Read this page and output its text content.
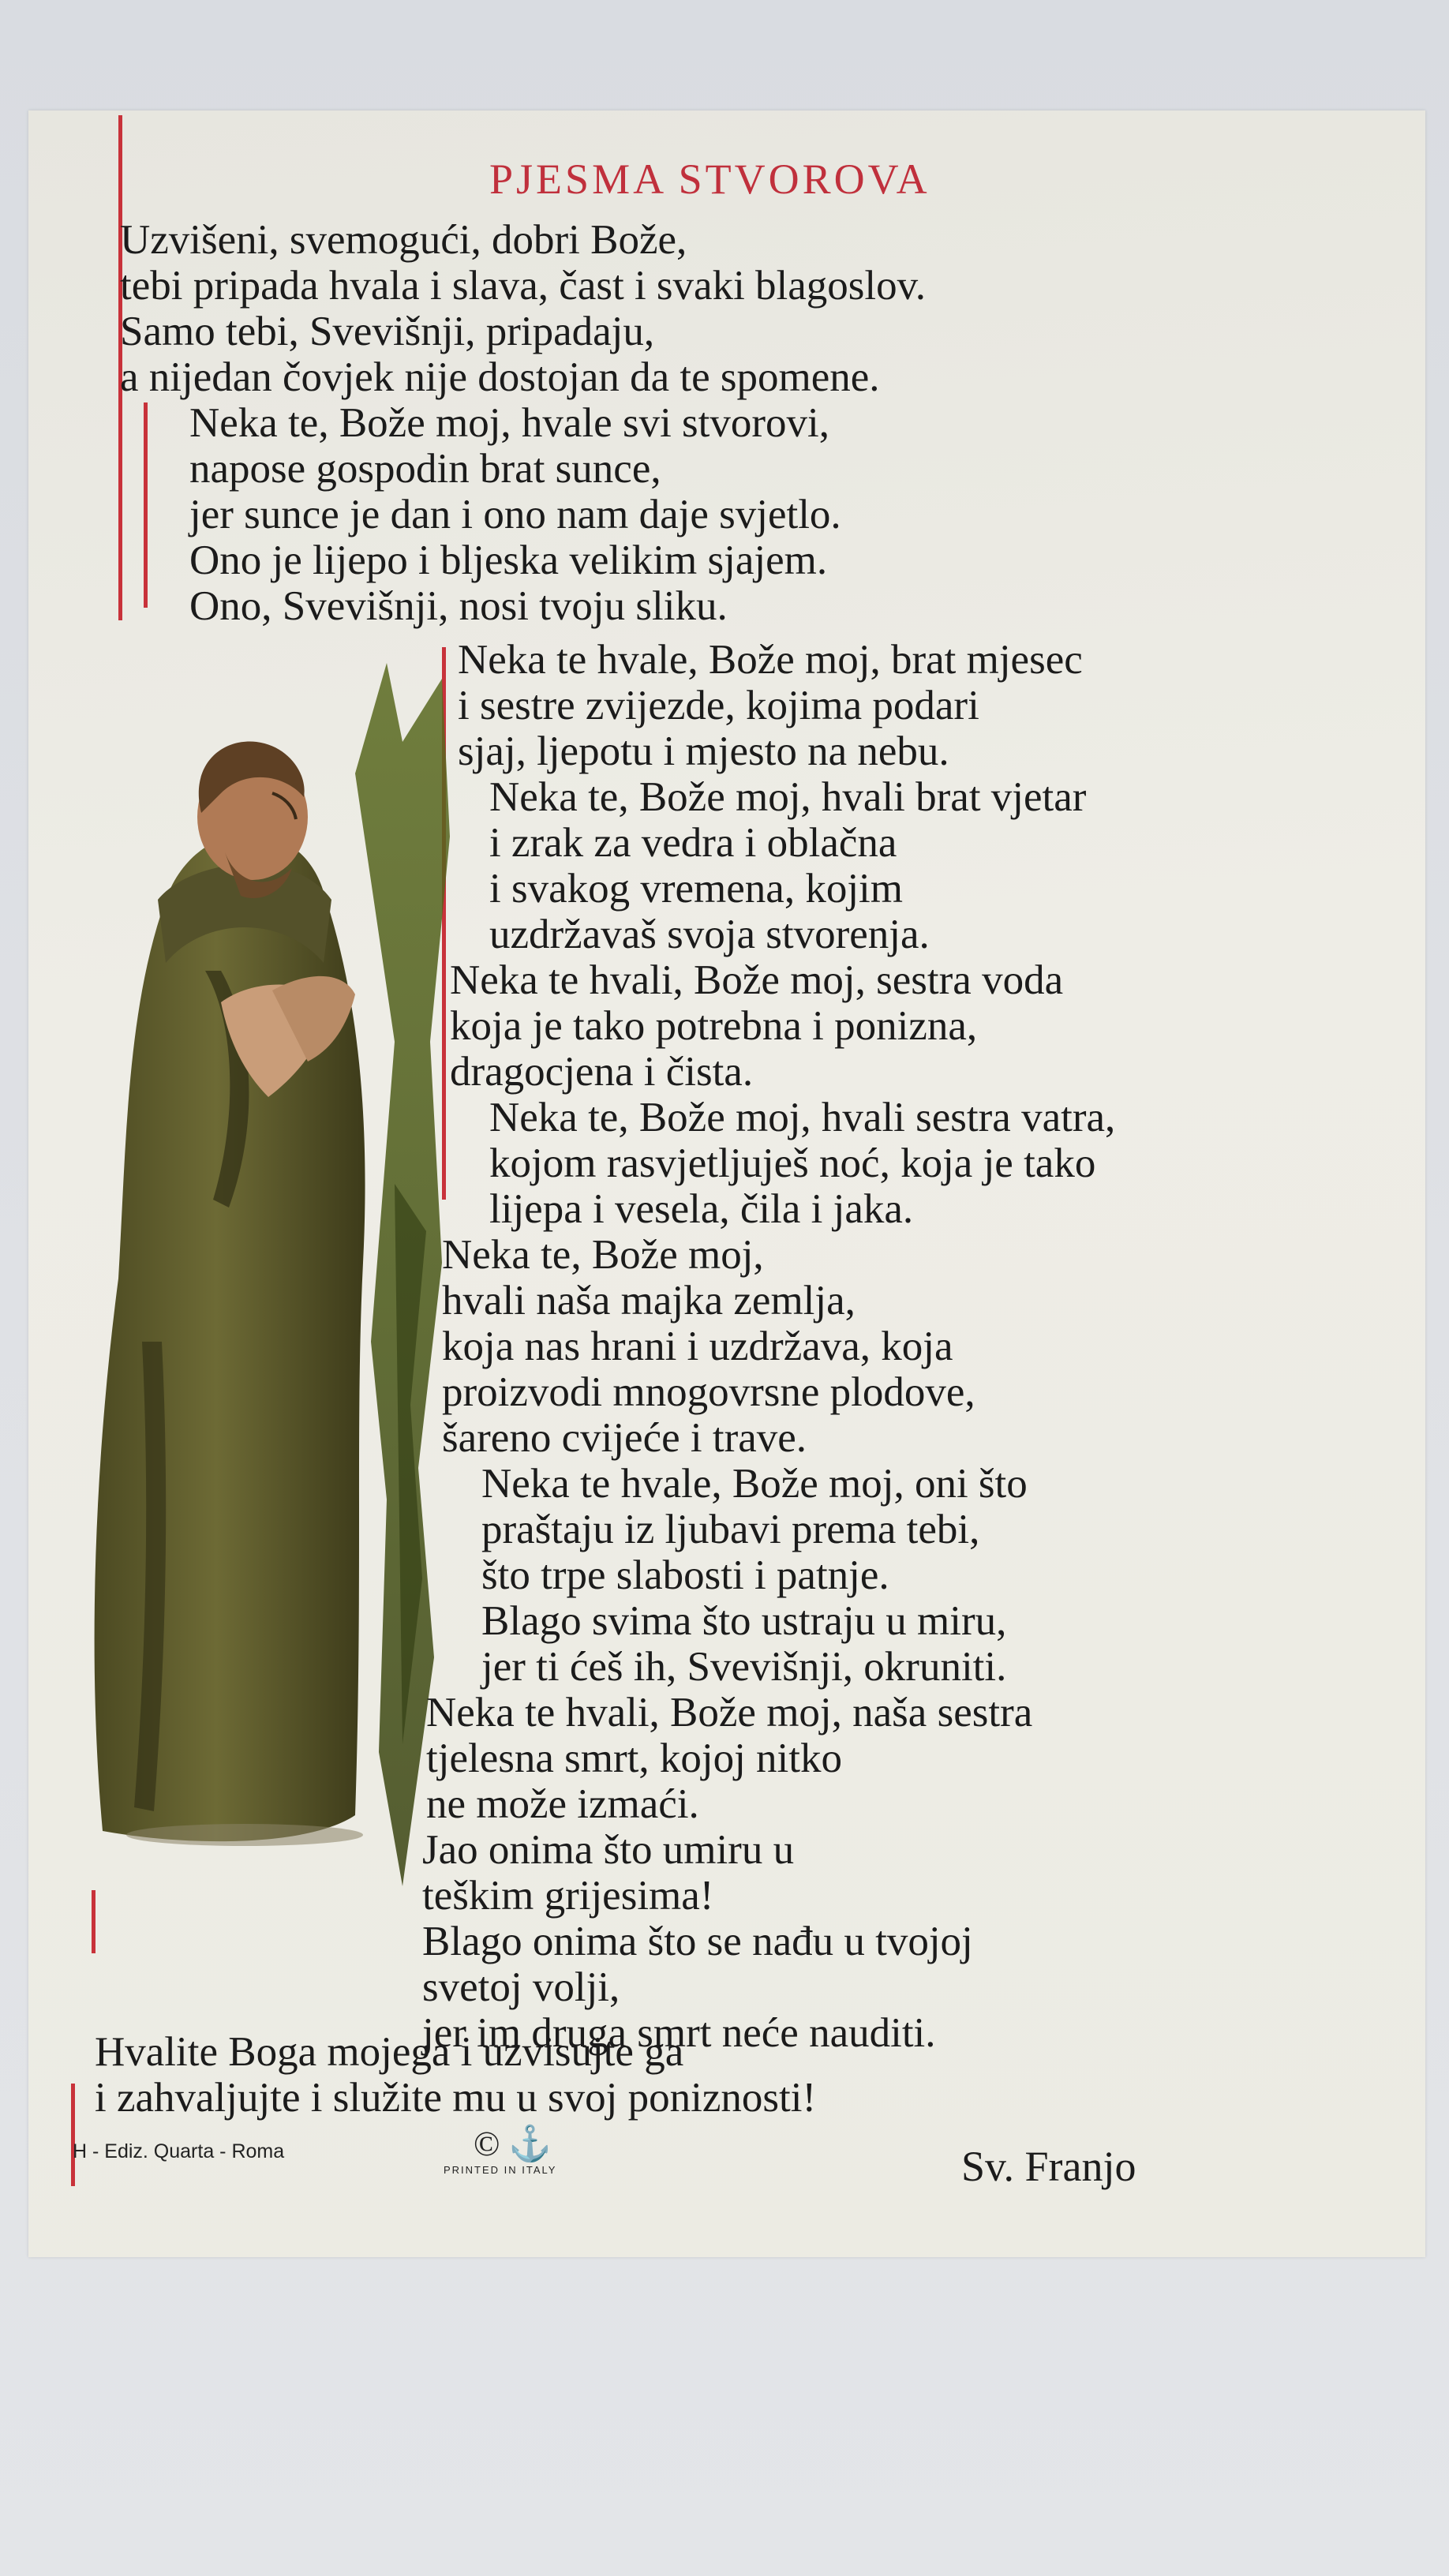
PJESMA STVOROVA

Uzvišeni, svemogući, dobri Bože,

tebi pripada hvala i slava, čast i svaki blagoslov.

Samo tebi, Svevišnji, pripadaju,

a nijedan čovjek nije dostojan da te spomene.

Neka te, Bože moj, hvale svi stvorovi,

napose gospodin brat sunce,

jer sunce je dan i ono nam daje svjetlo.

Ono je lijepo i bljeska velikim sjajem.

Ono, Svevišnji, nosi tvoju sliku.

Neka te hvale, Bože moj, brat mjesec

i sestre zvijezde, kojima podari

sjaj, ljepotu i mjesto na nebu.

Neka te, Bože moj, hvali brat vjetar

i zrak za vedra i oblačna

i svakog vremena, kojim

uzdržavaš svoja stvorenja.

Neka te hvali, Bože moj, sestra voda

koja je tako potrebna i ponizna,

dragocjena i čista.

Neka te, Bože moj, hvali sestra vatra,

kojom rasvjetljuješ noć, koja je tako

lijepa i vesela, čila i jaka.

Neka te, Bože moj,

hvali naša majka zemlja,

koja nas hrani i uzdržava, koja

proizvodi mnogovrsne plodove,

šareno cvijeće i trave.

Neka te hvale, Bože moj, oni što

praštaju iz ljubavi prema tebi,

što trpe slabosti i patnje.

Blago svima što ustraju u miru,

jer ti ćeš ih, Svevišnji, okruniti.

Neka te hvali, Bože moj, naša sestra

tjelesna smrt, kojoj nitko

ne može izmaći.

Jao onima što umiru u

teškim grijesima!

Blago onima što se nađu u tvojoj

svetoj volji,

jer im druga smrt neće nauditi.

Hvalite Boga mojega i uzvisujte ga

i zahvaljujte i služite mu u svoj poniznosti!

H - Ediz. Quarta - Roma	© ⚓
PRINTED IN ITALY	Sv. Franjo
